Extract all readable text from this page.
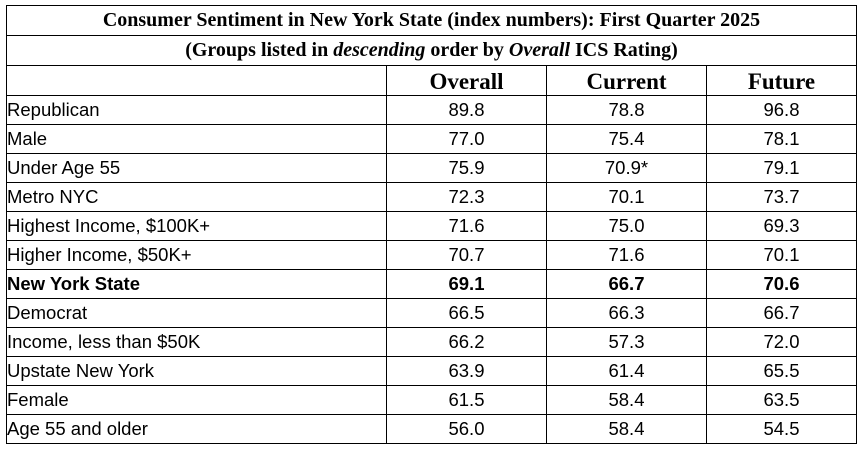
Consumer Sentiment in New York State (index numbers): First Quarter 2025			
(Groups listed in descending order by Overall ICS Rating)			
	Overall	Current	Future
Republican	89.8	78.8	96.8
Male	77.0	75.4	78.1
Under Age 55	75.9	70.9*	79.1
Metro NYC	72.3	70.1	73.7
Highest Income, $100K+	71.6	75.0	69.3
Higher Income, $50K+	70.7	71.6	70.1
New York State	69.1	66.7	70.6
Democrat	66.5	66.3	66.7
Income, less than $50K	66.2	57.3	72.0
Upstate New York	63.9	61.4	65.5
Female	61.5	58.4	63.5
Age 55 and older	56.0	58.4	54.5
